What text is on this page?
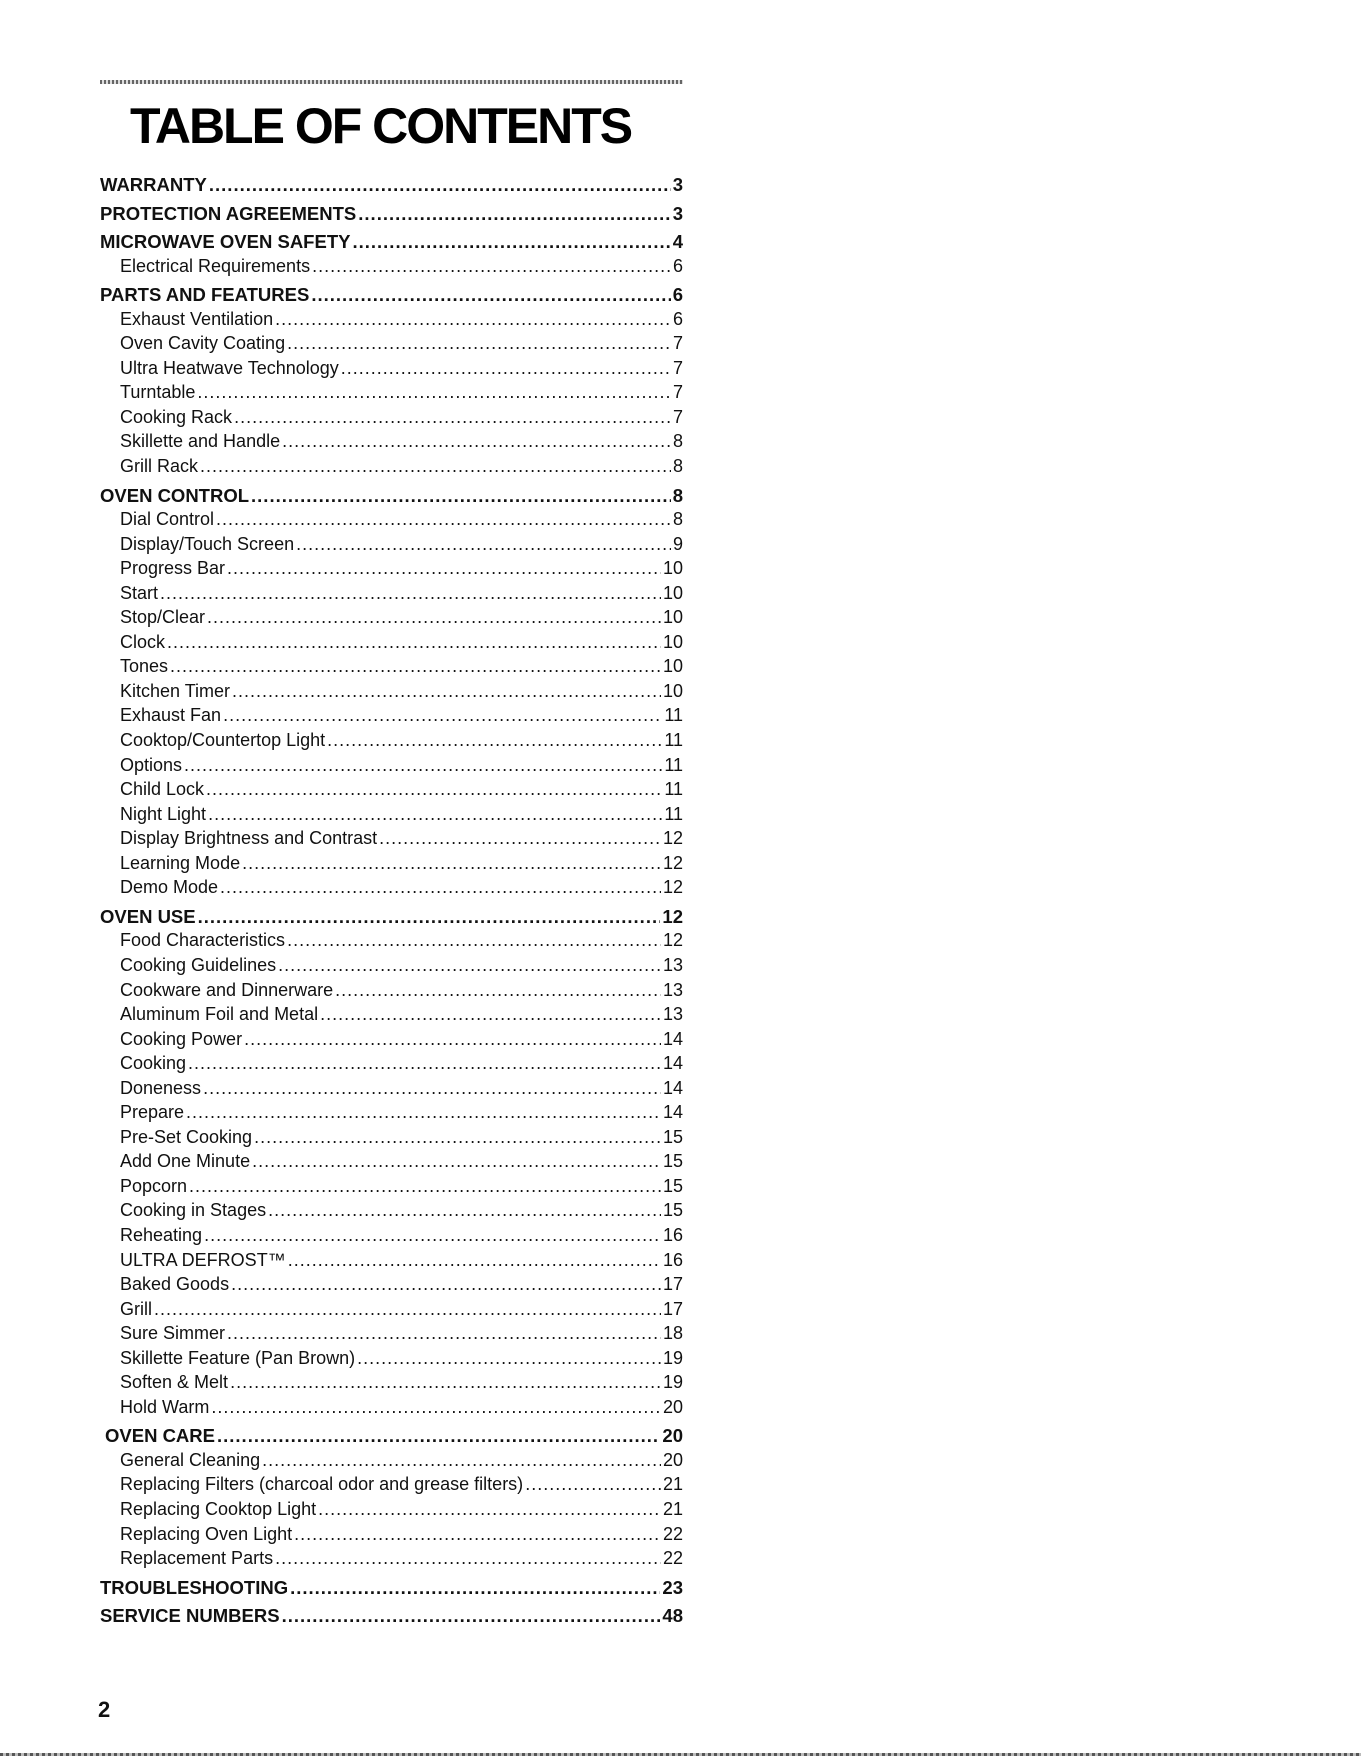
TABLE OF CONTENTS
WARRANTY .....	3
PROTECTION AGREEMENTS .....	3
MICROWAVE OVEN SAFETY .....	4
Electrical Requirements .....	6
PARTS AND FEATURES .....	6
Exhaust Ventilation .....	6
Oven Cavity Coating .....	7
Ultra Heatwave Technology .....	7
Turntable .....	7
Cooking Rack .....	7
Skillette and Handle .....	8
Grill Rack .....	8
OVEN CONTROL .....	8
Dial Control .....	8
Display/Touch Screen .....	9
Progress Bar .....	10
Start .....	10
Stop/Clear .....	10
Clock .....	10
Tones .....	10
Kitchen Timer .....	10
Exhaust Fan .....	11
Cooktop/Countertop Light .....	11
Options .....	11
Child Lock .....	11
Night Light .....	11
Display Brightness and Contrast .....	12
Learning Mode .....	12
Demo Mode .....	12
OVEN USE .....	12
Food Characteristics .....	12
Cooking Guidelines .....	13
Cookware and Dinnerware .....	13
Aluminum Foil and Metal .....	13
Cooking Power .....	14
Cooking .....	14
Doneness .....	14
Prepare .....	14
Pre-Set Cooking .....	15
Add One Minute .....	15
Popcorn .....	15
Cooking in Stages .....	15
Reheating .....	16
ULTRA DEFROST™ .....	16
Baked Goods .....	17
Grill .....	17
Sure Simmer .....	18
Skillette Feature (Pan Brown) .....	19
Soften & Melt .....	19
Hold Warm .....	20
OVEN CARE .....	20
General Cleaning .....	20
Replacing Filters (charcoal odor and grease filters) .....	21
Replacing Cooktop Light .....	21
Replacing Oven Light .....	22
Replacement Parts .....	22
TROUBLESHOOTING .....	23
SERVICE NUMBERS .....	48
2
